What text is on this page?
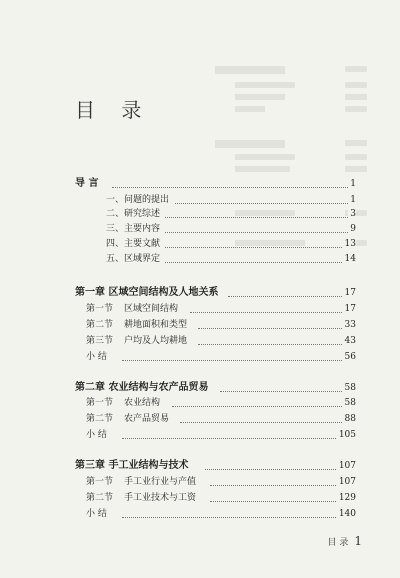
目 录
导 言	1
一、问题的提出	1
二、研究综述	3
三、主要内容	9
四、主要文献	13
五、区域界定	14
第一章 区域空间结构及人地关系	17
第一节 区域空间结构	17
第二节 耕地面积和类型	33
第三节 户均及人均耕地	43
小 结	56
第二章 农业结构与农产品贸易	58
第一节 农业结构	58
第二节 农产品贸易	88
小 结	105
第三章 手工业结构与技术	107
第一节 手工业行业与产值	107
第二节 手工业技术与工资	129
小 结	140
目 录 1
